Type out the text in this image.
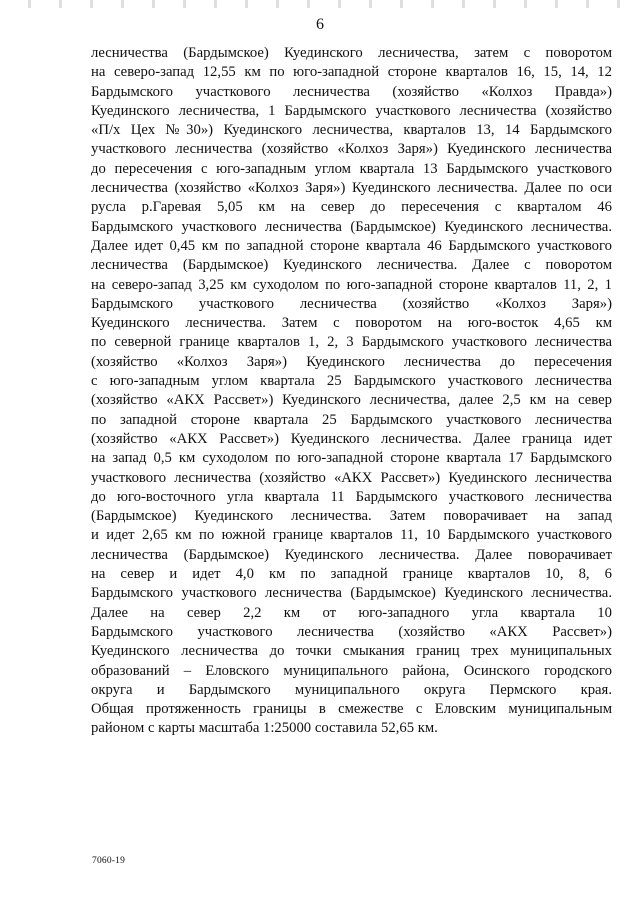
6
лесничества (Бардымское) Куединского лесничества, затем с поворотом
на северо-запад 12,55 км по юго-западной стороне кварталов 16, 15, 14, 12
Бардымского участкового лесничества (хозяйство «Колхоз Правда»)
Куединского лесничества, 1 Бардымского участкового лесничества (хозяйство
«П/х Цех №30») Куединского лесничества, кварталов 13, 14 Бардымского
участкового лесничества (хозяйство «Колхоз Заря») Куединского лесничества
до пересечения с юго-западным углом квартала 13 Бардымского участкового
лесничества (хозяйство «Колхоз Заря») Куединского лесничества. Далее по оси
русла р.Гаревая 5,05 км на север до пересечения с кварталом 46
Бардымского участкового лесничества (Бардымское) Куединского лесничества.
Далее идет 0,45 км по западной стороне квартала 46 Бардымского участкового
лесничества (Бардымское) Куединского лесничества. Далее с поворотом
на северо-запад 3,25 км суходолом по юго-западной стороне кварталов 11, 2, 1
Бардымского участкового лесничества (хозяйство «Колхоз Заря»)
Куединского лесничества. Затем с поворотом на юго-восток 4,65 км
по северной границе кварталов 1, 2, 3 Бардымского участкового лесничества
(хозяйство «Колхоз Заря») Куединского лесничества до пересечения
с юго-западным углом квартала 25 Бардымского участкового лесничества
(хозяйство «АКХ Рассвет») Куединского лесничества, далее 2,5 км на север
по западной стороне квартала 25 Бардымского участкового лесничества
(хозяйство «АКХ Рассвет») Куединского лесничества. Далее граница идет
на запад 0,5 км суходолом по юго-западной стороне квартала 17 Бардымского
участкового лесничества (хозяйство «АКХ Рассвет») Куединского лесничества
до юго-восточного угла квартала 11 Бардымского участкового лесничества
(Бардымское) Куединского лесничества. Затем поворачивает на запад
и идет 2,65 км по южной границе кварталов 11, 10 Бардымского участкового
лесничества (Бардымское) Куединского лесничества. Далее поворачивает
на север и идет 4,0 км по западной границе кварталов 10, 8, 6
Бардымского участкового лесничества (Бардымское) Куединского лесничества.
Далее на север 2,2 км от юго-западного угла квартала 10
Бардымского участкового лесничества (хозяйство «АКХ Рассвет»)
Куединского лесничества до точки смыкания границ трех муниципальных
образований – Еловского муниципального района, Осинского городского
округа и Бардымского муниципального округа Пермского края.
Общая протяженность границы в смежестве с Еловским муниципальным
районом с карты масштаба 1:25000 составила 52,65 км.
7060-19
